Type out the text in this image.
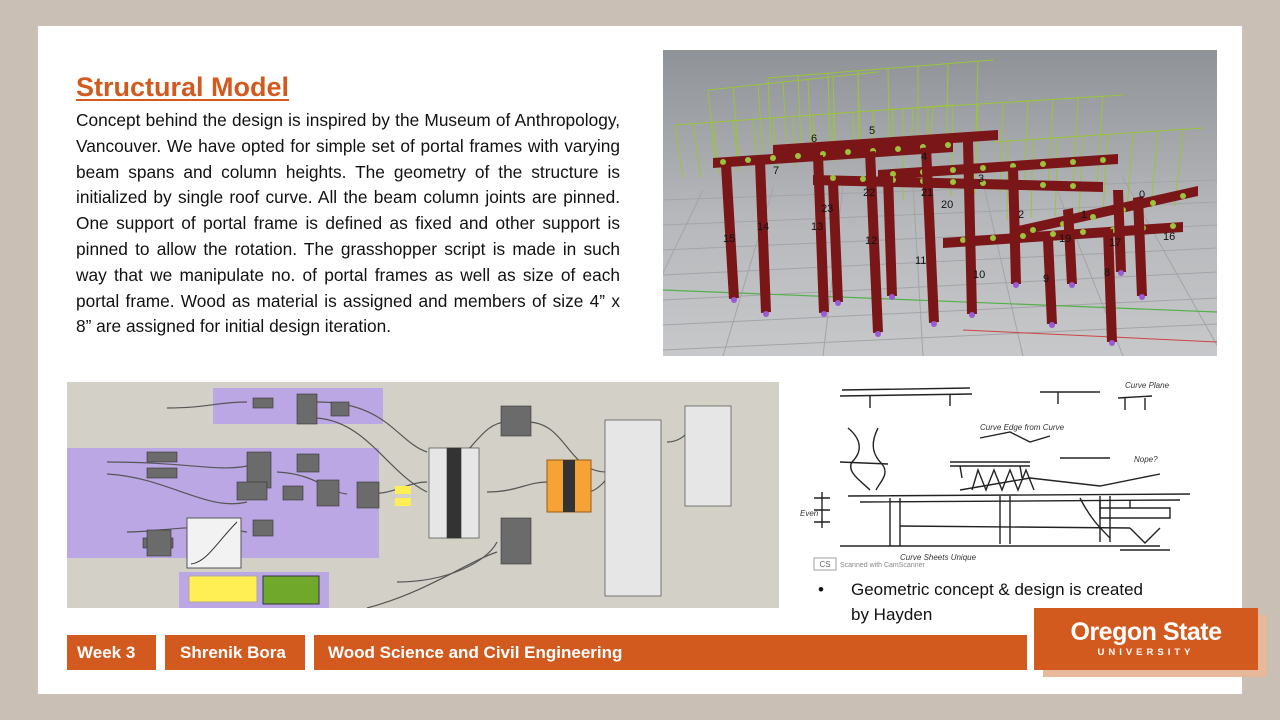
Structural Model

Concept behind the design is inspired by the Museum of Anthropology, Vancouver. We have opted for simple set of portal frames with varying beam spans and column heights. The geometry of the structure is initialized by single roof curve. All the beam column joints are pinned. One support of portal frame is defined as fixed and other support is pinned to allow the rotation. The grasshopper script is made in such way that we manipulate no. of portal frames as well as size of each portal frame. Wood as material is assigned and members of size 4” x 8” are assigned for initial design iteration.

6
5
7
4
22	21
3
20
23	2	1
0
15
14	13
12
11
10
19
9	8
17	16
Curve Plane
Curve Edge from Curve
Nope?
Curve Sheets Unique
Even
CS Scanned with CamScanner
• Geometric concept & design is created by Hayden
Week 3	Shrenik Bora	Wood Science and Civil Engineering
Oregon State
UNIVERSITY
